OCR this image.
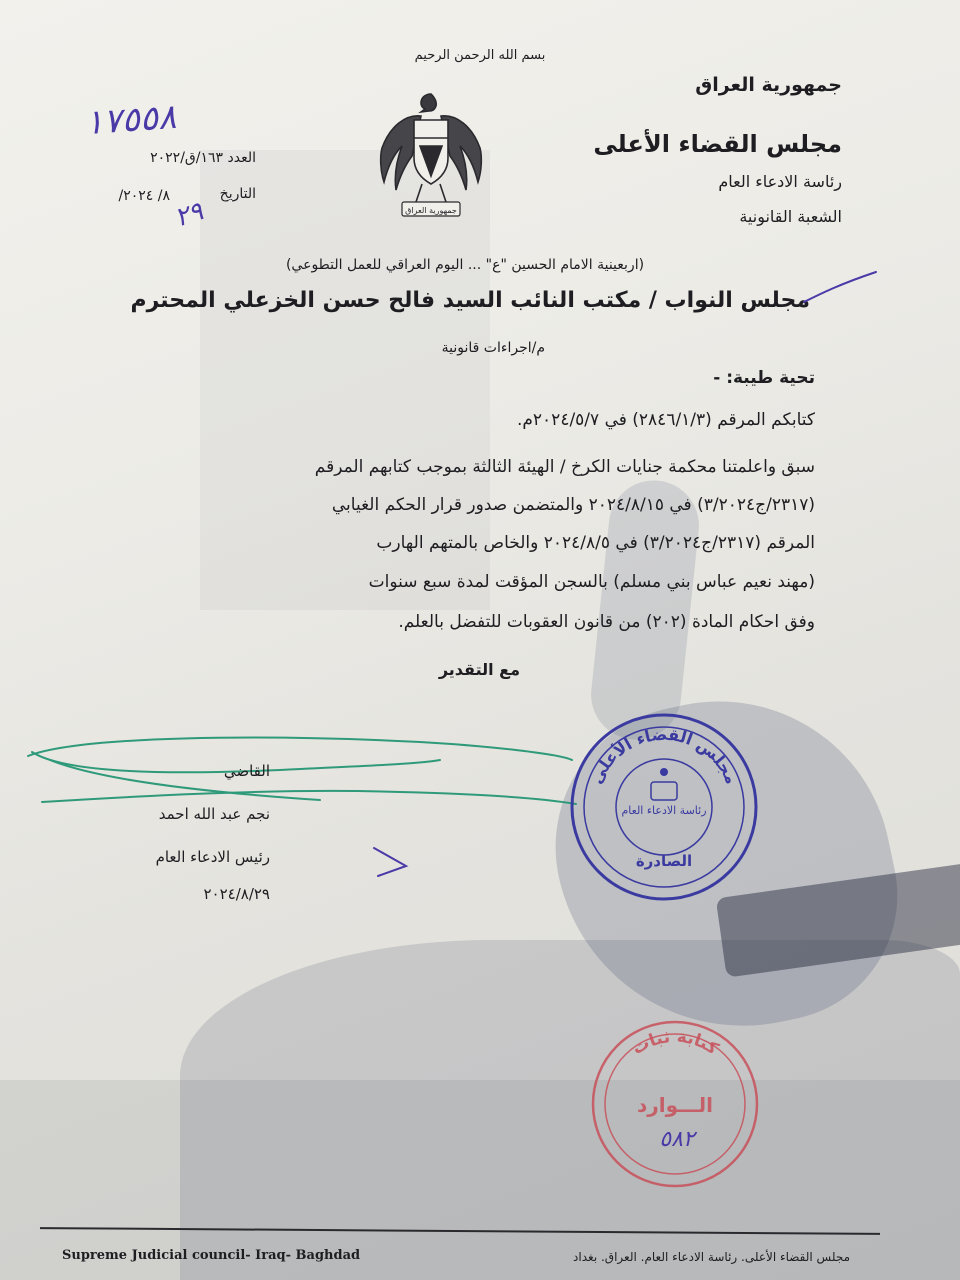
بسم الله الرحمن الرحيم
جمهورية العراق
جمهورية العراق
مجلس القضاء الأعلى
رئاسة الادعاء العام
الشعبة القانونية
١٧٥٥٨
العدد ١٦٣/ق/٢٠٢٢
التاريخ
٢٩
/٨/ ٢٠٢٤
(اربعينية الامام الحسين "ع" ... اليوم العراقي للعمل التطوعي)
مجلس النواب / مكتب النائب السيد فالح حسن الخزعلي المحترم
م/اجراءات قانونية
تحية طيبة: -
كتابكم المرقم (٢٨٤٦/١/٣) في ٢٠٢٤/٥/٧م.
سبق واعلمتنا محكمة جنايات الكرخ / الهيئة الثالثة بموجب كتابهم المرقم
(٢٣١٧/ج٣/٢٠٢٤) في ٢٠٢٤/٨/١٥ والمتضمن صدور قرار الحكم الغيابي
المرقم (٢٣١٧/ج٣/٢٠٢٤) في ٢٠٢٤/٨/٥ والخاص بالمتهم الهارب
(مهند نعيم عباس بني مسلم) بالسجن المؤقت لمدة سبع سنوات
وفق احكام المادة (٢٠٢) من قانون العقوبات للتفضل بالعلم.
مع التقدير
القاضي
نجم عبد الله احمد
رئيس الادعاء العام
٢٠٢٤/٨/٢٩
مجلس القضاء الأعلى
رئاسة الادعاء العام
الصادرة
كتابة ثبات
الـــوارد
٥٨٢
Supreme Judicial council- Iraq- Baghdad	مجلس القضاء الأعلى. رئاسة الادعاء العام. العراق. بغداد
